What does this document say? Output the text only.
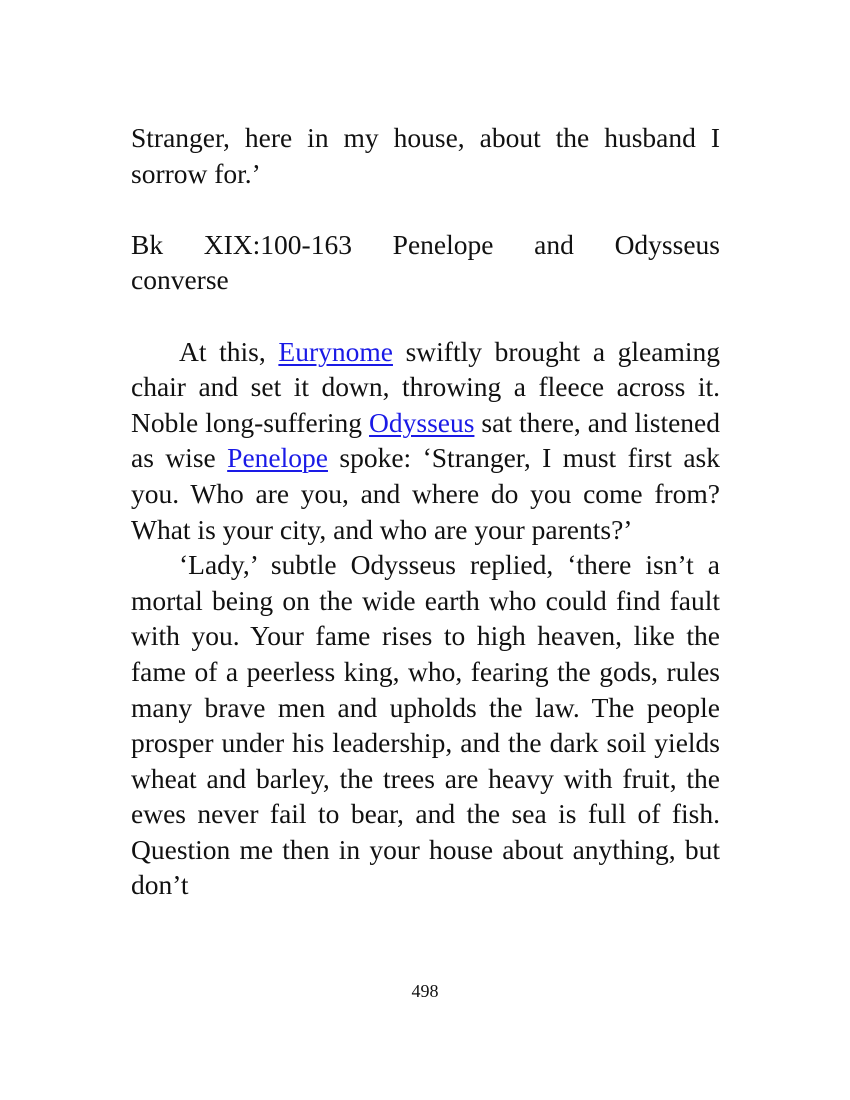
Stranger, here in my house, about the husband I sorrow for.’

Bk XIX:100-163 Penelope and Odysseus

converse

At this, Eurynome swiftly brought a gleaming chair and set it down, throwing a fleece across it. Noble long-suffering Odysseus sat there, and listened as wise Penelope spoke: ‘Stranger, I must first ask you. Who are you, and where do you come from? What is your city, and who are your parents?’

‘Lady,’ subtle Odysseus replied, ‘there isn’t a mortal being on the wide earth who could find fault with you. Your fame rises to high heaven, like the fame of a peerless king, who, fearing the gods, rules many brave men and upholds the law. The people prosper under his leadership, and the dark soil yields wheat and barley, the trees are heavy with fruit, the ewes never fail to bear, and the sea is full of fish. Question me then in your house about anything, but don’t

498
